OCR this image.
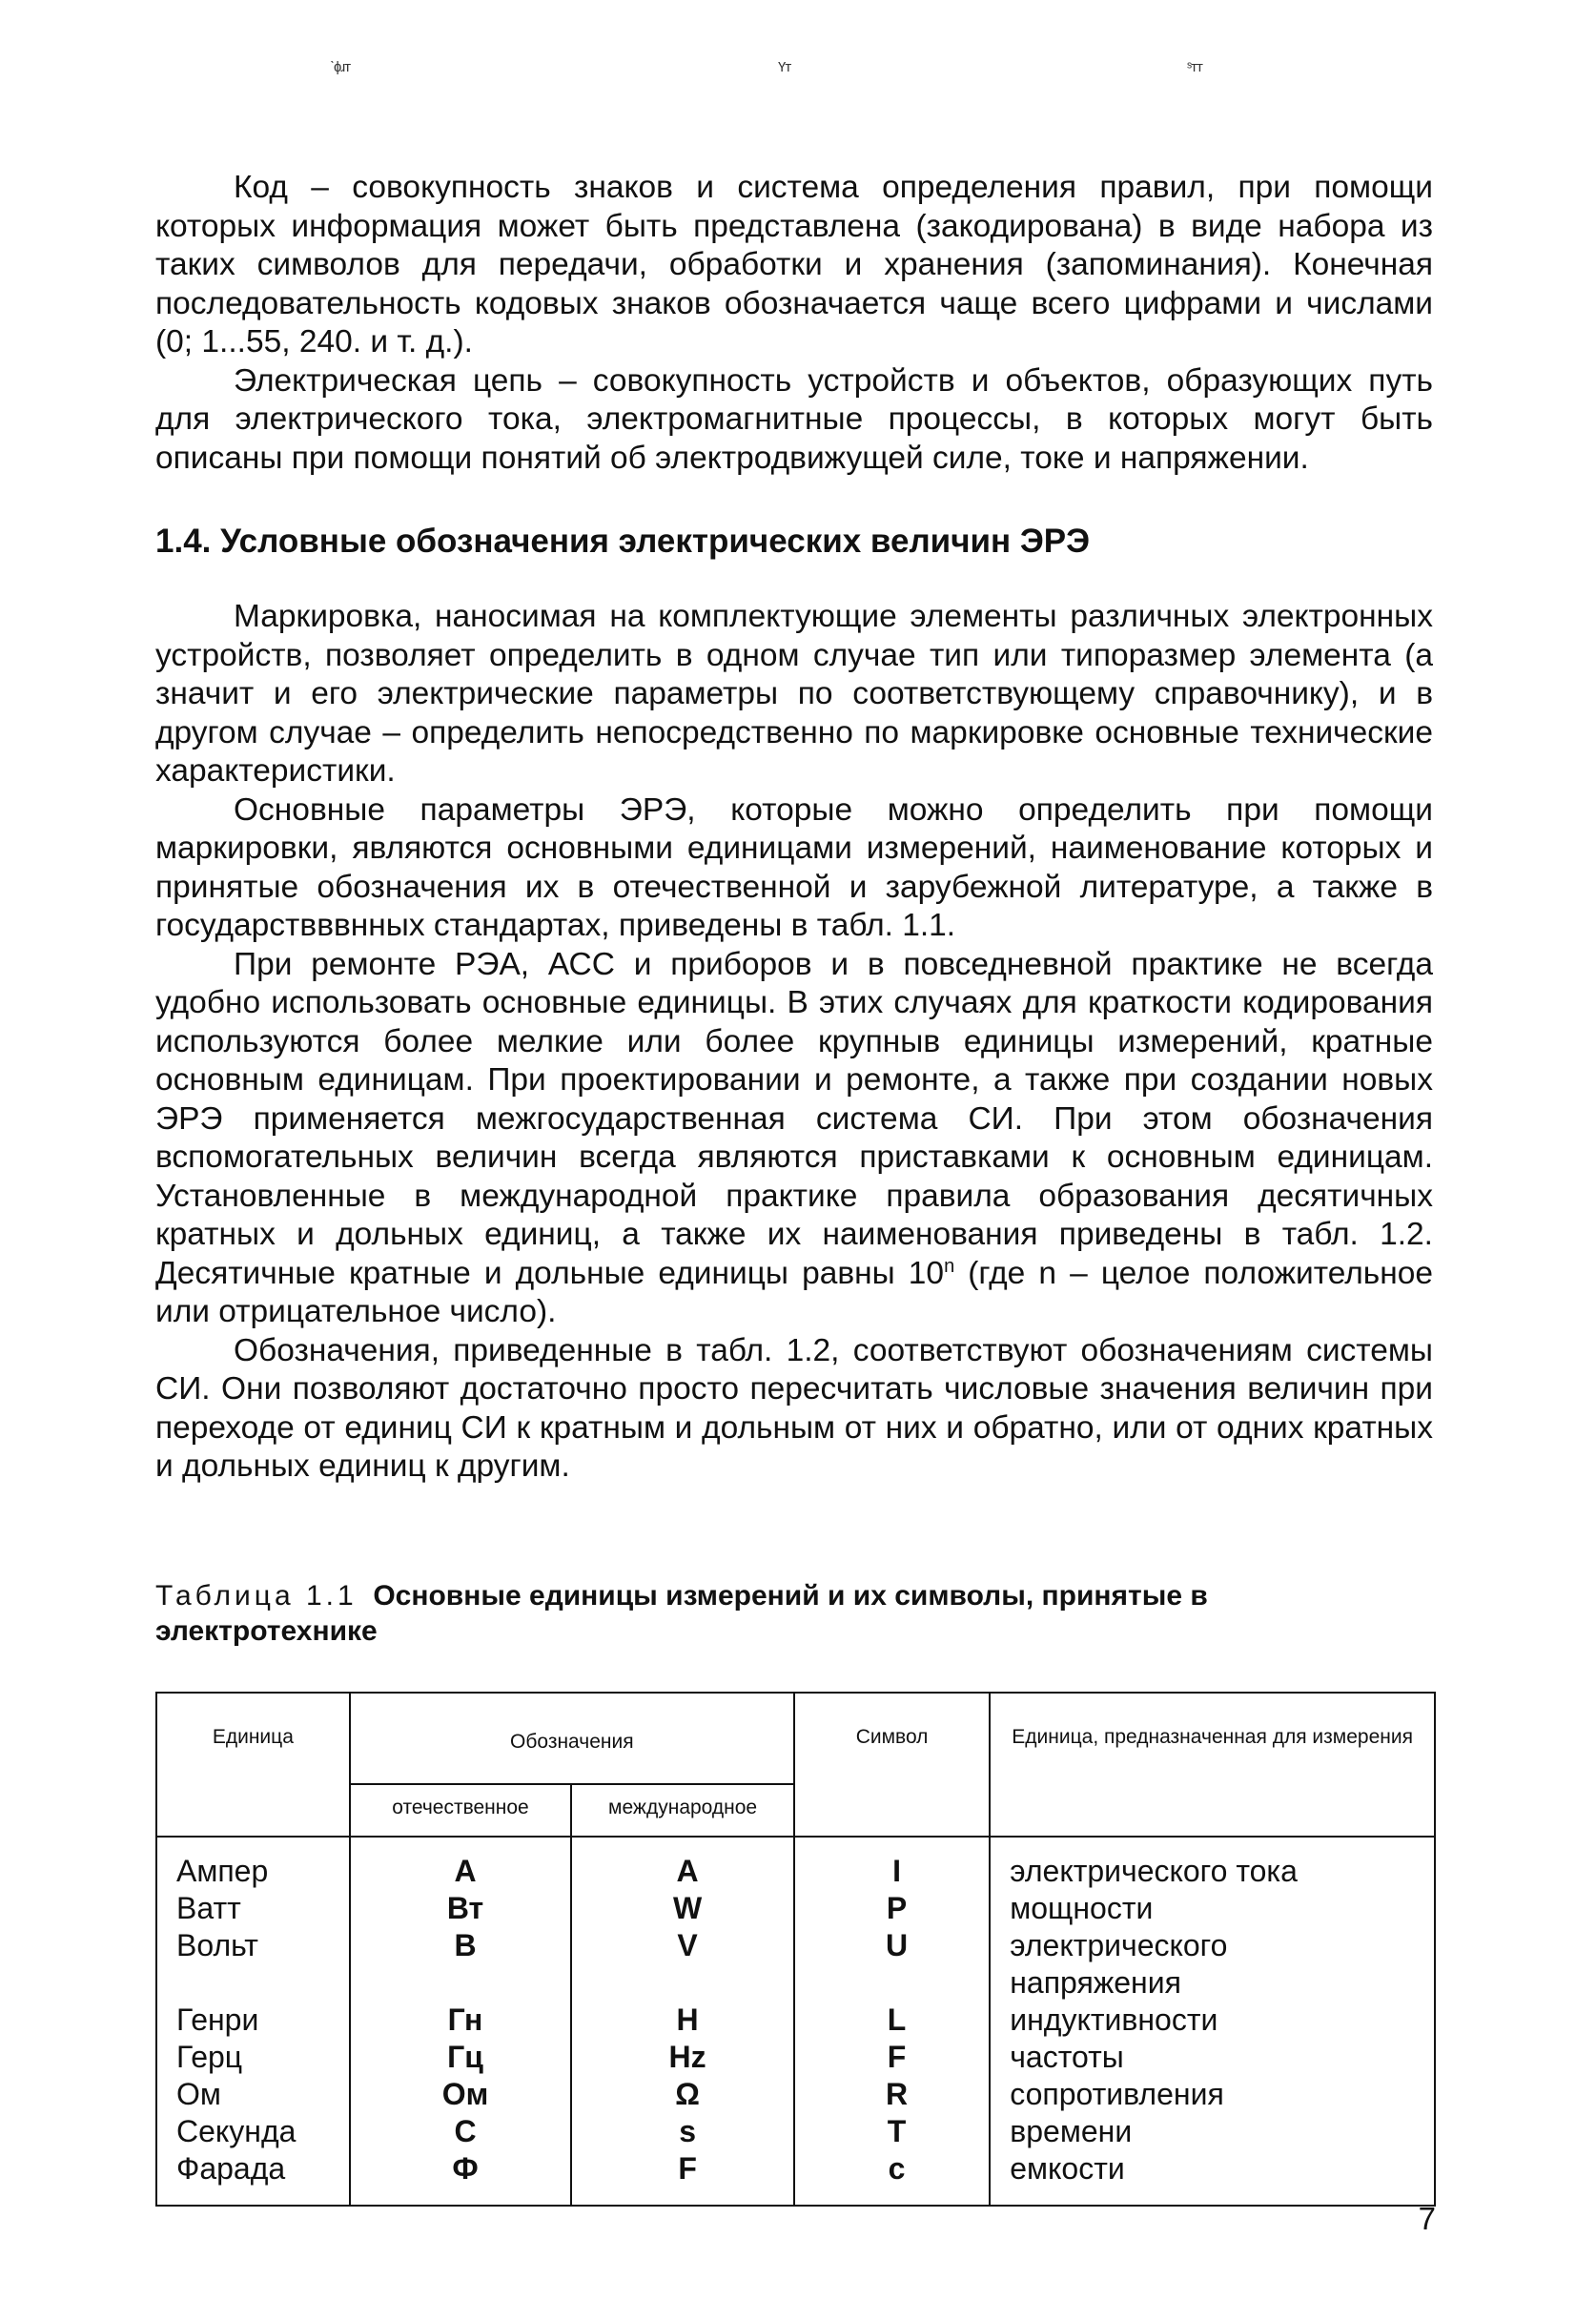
ˋɸɹᴛ	Үт	ˢᴛᴛ

Код – совокупность знаков и система определения правил, при помощи которых информация может быть представлена (закодирована) в виде набора из таких символов для передачи, обработки и хранения (запоминания). Конечная последовательность кодовых знаков обозначается чаще всего цифрами и числами (0; 1...55, 240. и т. д.).

Электрическая цепь – совокупность устройств и объектов, образующих путь для электрического тока, электромагнитные процессы, в которых могут быть описаны при помощи понятий об электродвижущей силе, токе и напряжении.

1.4. Условные обозначения электрических величин ЭРЭ

Маркировка, наносимая на комплектующие элементы различных электронных устройств, позволяет определить в одном случае тип или типоразмер элемента (а значит и его электрические параметры по соответствующему справочнику), и в другом случае – определить непосредственно по маркировке основные технические характеристики.

Основные параметры ЭРЭ, которые можно определить при помощи маркировки, являются основными единицами измерений, наименование которых и принятые обозначения их в отечественной и зарубежной литературе, а также в государствввнных стандартах, приведены в табл. 1.1.

При ремонте РЭА, АСС и приборов и в повседневной практике не всегда удобно использовать основные единицы. В этих случаях для краткости кодирования используются более мелкие или более крупныв единицы измерений, кратные основным единицам. При проектировании и ремонте, а также при создании новых ЭРЭ применяется межгосударственная система СИ. При этом обозначения вспомогательных величин всегда являются приставками к основным единицам. Установленные в международной практике правила образования десятичных кратных и дольных единиц, а также их наименования приведены в табл. 1.2. Десятичные кратные и дольные единицы равны 10$^n$ (где n – целое положительное или отрицательное число).

Обозначения, приведенные в табл. 1.2, соответствуют обозначениям системы СИ. Они позволяют достаточно просто пересчитать числовые значения величин при переходе от единиц СИ к кратным и дольным от них и обратно, или от одних кратных и дольных единиц к другим.

Таблица 1.1 Основные единицы измерений и их символы, принятые в электротехнике
Единица	Обозначения		Символ	Единица, предназначенная для измерения
	отечественное	международное		
Ампер	А	A	I	электрического тока
Ватт	Вт	W	P	мощности
Вольт	В	V	U	электрического напряжения
Генри	Гн	H	L	индуктивности
Герц	Гц	Hz	F	частоты
Ом	Ом	Ω	R	сопротивления
Секунда	С	s	T	времени
Фарада	Ф	F	c	емкости
7
